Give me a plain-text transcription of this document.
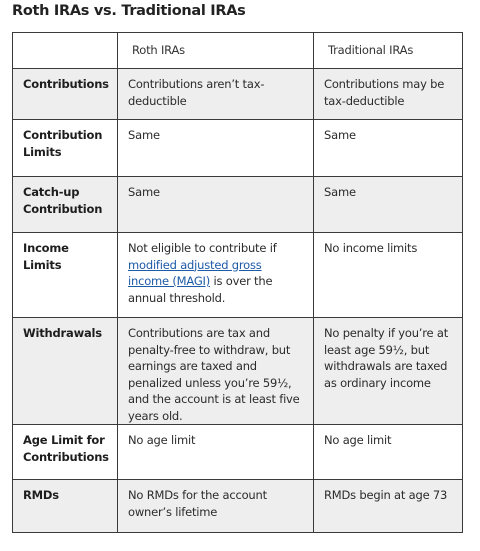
Roth IRAs vs. Traditional IRAs
	Roth IRAs	Traditional IRAs
Contributions	Contributions aren’t tax-deductible	Contributions may be tax-deductible
Contribution Limits	Same	Same
Catch-up Contribution	Same	Same
Income Limits	Not eligible to contribute if modified adjusted gross income (MAGI) is over the annual threshold.	No income limits
Withdrawals	Contributions are tax and penalty-free to withdraw, but earnings are taxed and penalized unless you’re 59½, and the account is at least five years old.	No penalty if you’re at least age 59½, but withdrawals are taxed as ordinary income
Age Limit for Contributions	No age limit	No age limit
RMDs	No RMDs for the account owner’s lifetime	RMDs begin at age 73
